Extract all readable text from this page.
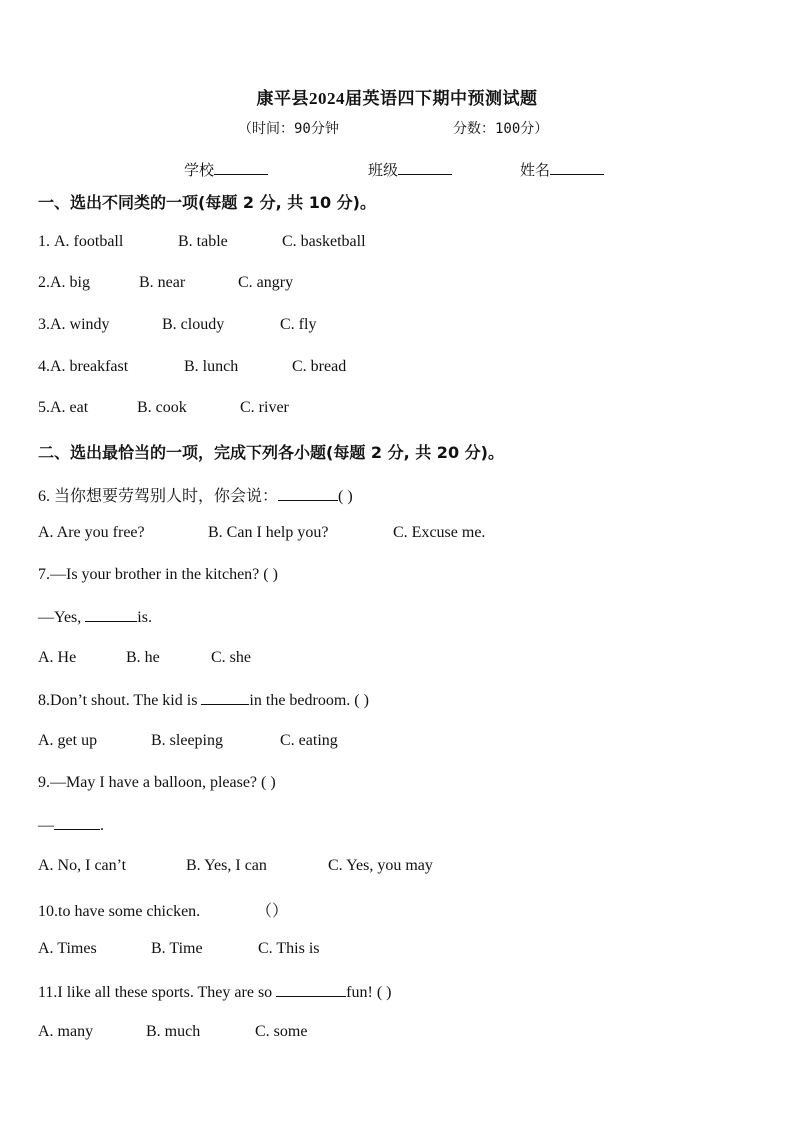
康平县2024届英语四下期中预测试题
（时间：90分钟	分数：100分）
学校	班级	姓名
一、选出不同类的一项(每题 2 分, 共 10 分)。
1. A. football	B. table	C. basketball
2.A. big	B. near	C. angry
3.A. windy	B. cloudy	C. fly
4.A. breakfast	B. lunch	C. bread
5.A. eat	B. cook	C. river
二、选出最恰当的一项，完成下列各小题(每题 2 分, 共 20 分)。
6. 当你想要劳驾别人时，你会说：	( )
A. Are you free?	B. Can I help you?	C. Excuse me.
7.—Is your brother in the kitchen? ( )
—Yes,	is.
A. He	B. he	C. she
8.Don’t shout. The kid is	in the bedroom. ( )
A. get up	B. sleeping	C. eating
9.—May I have a balloon, please? ( )
—	.
A. No, I can’t	B. Yes, I can	C. Yes, you may
10.to have some chicken.	（）
A. Times	B. Time	C. This is
11.I like all these sports. They are so	fun! ( )
A. many	B. much	C. some
